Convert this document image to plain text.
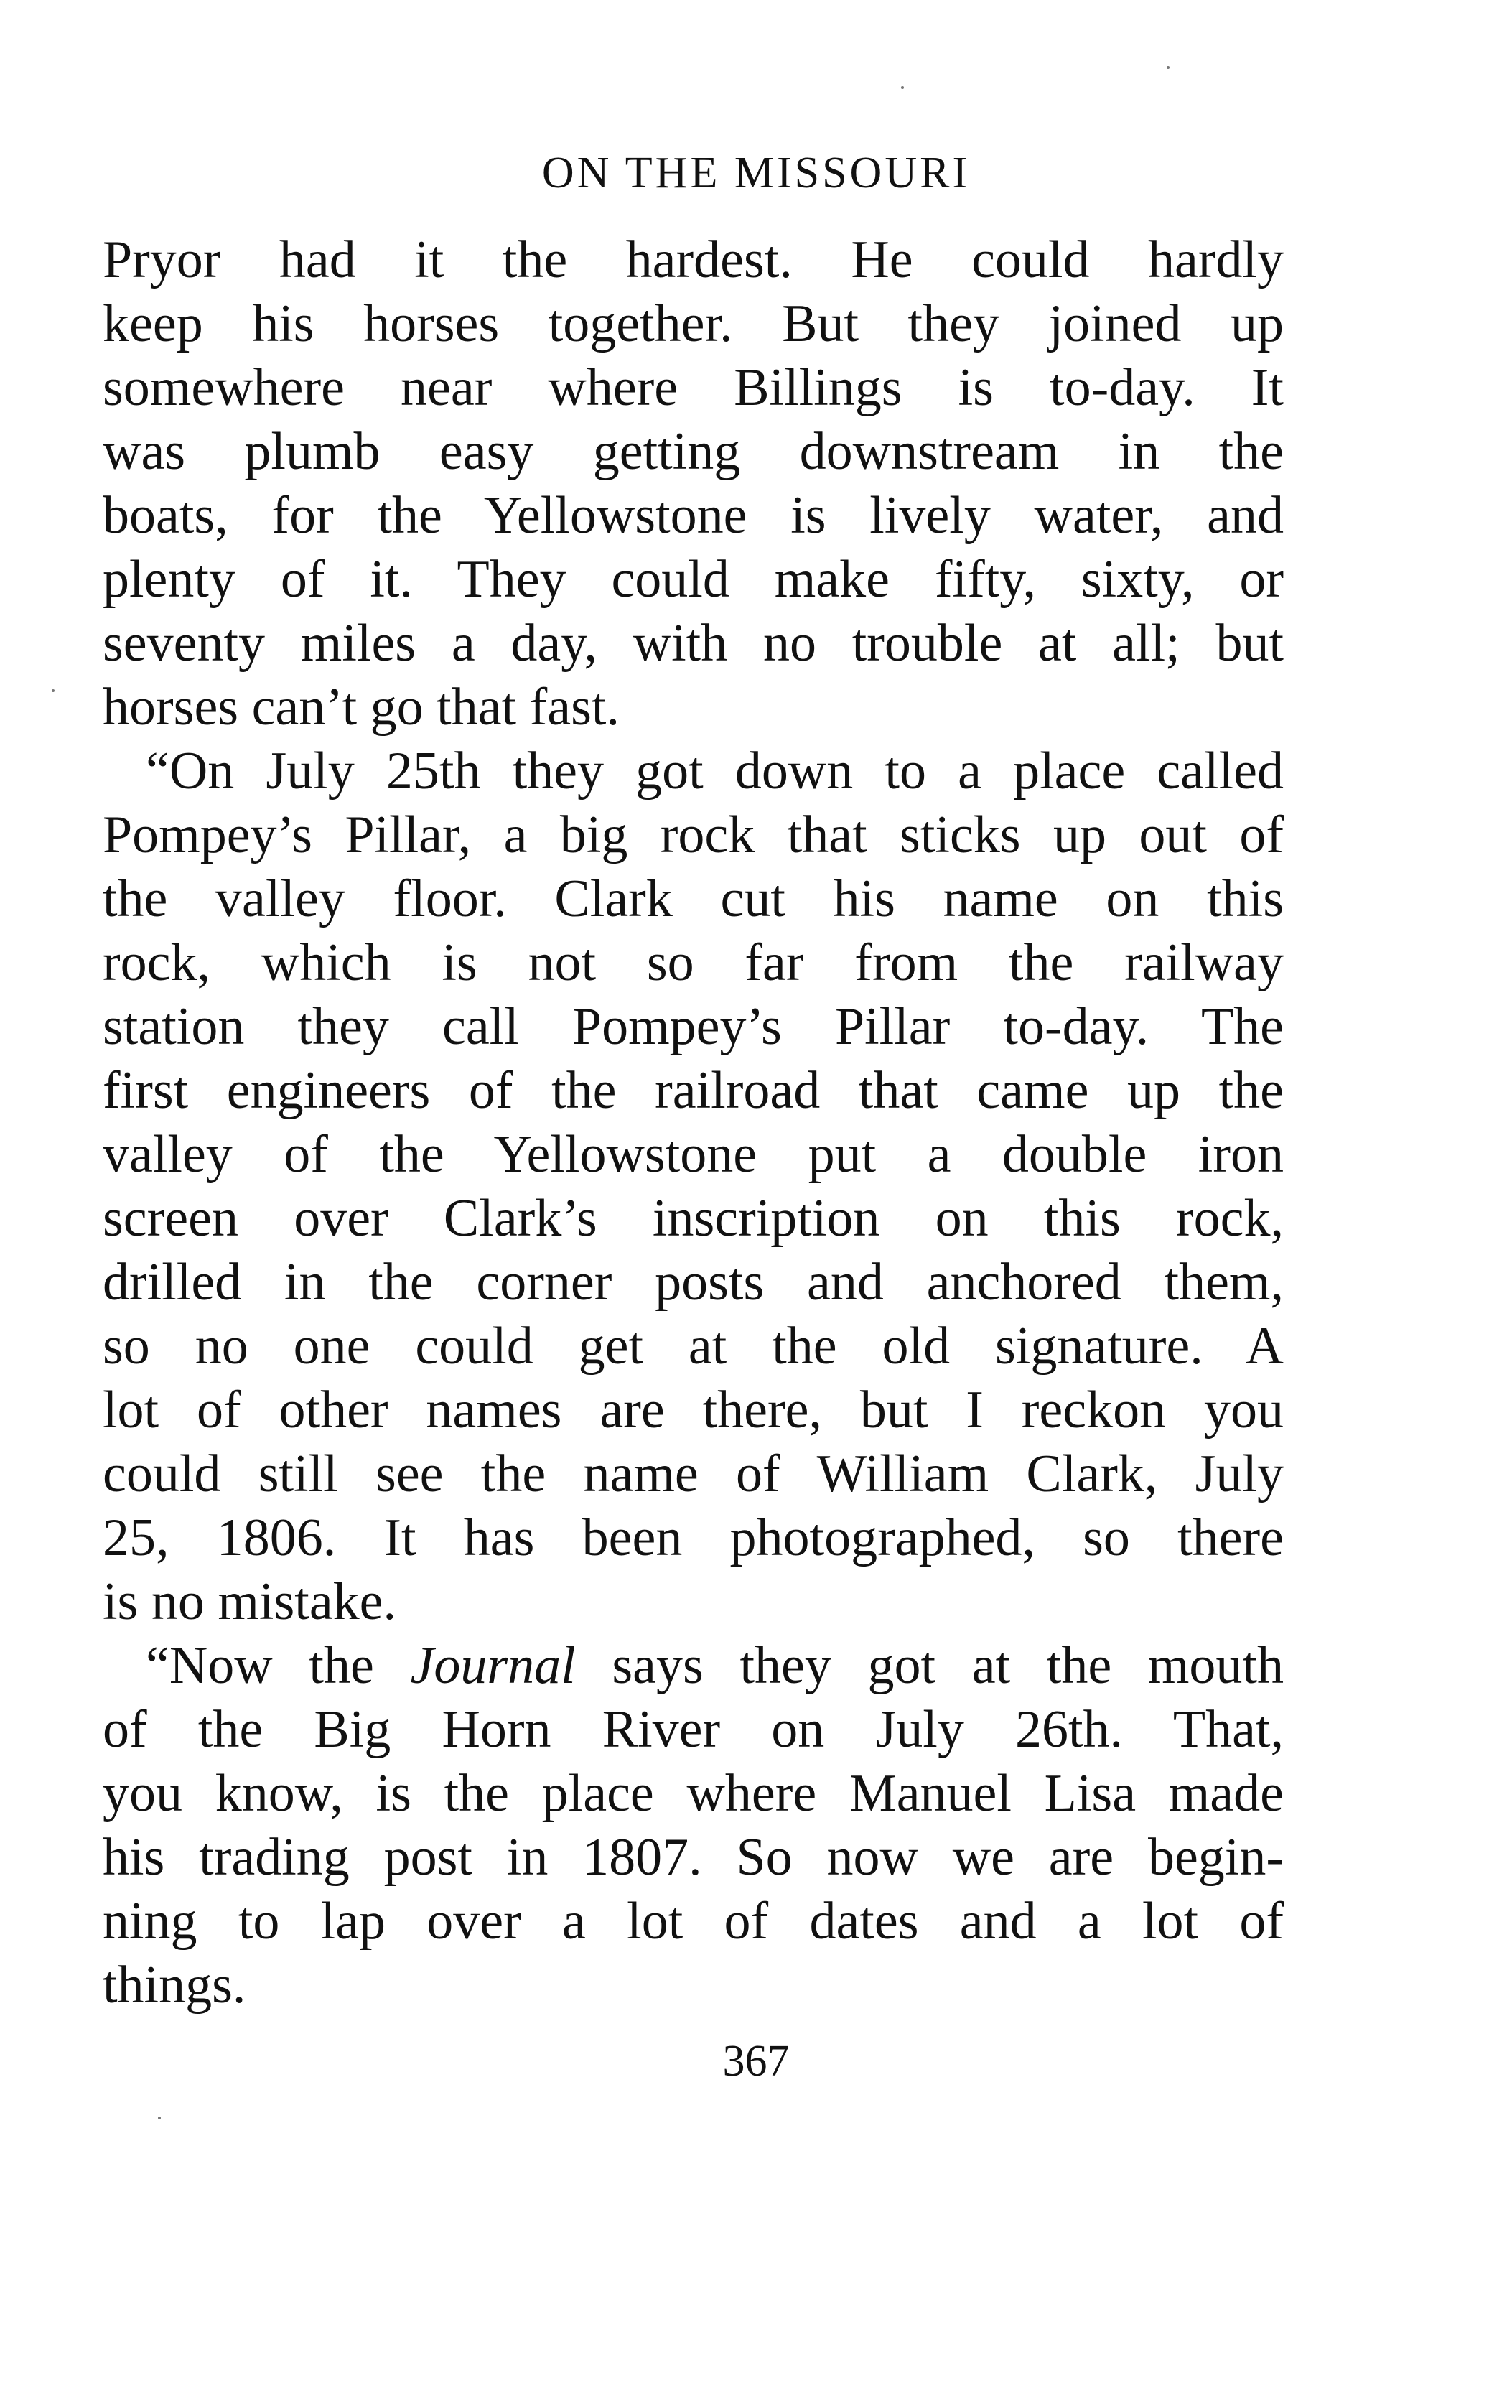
ON THE MISSOURI
Pryor had it the hardest. He could hardly
keep his horses together. But they joined up
somewhere near where Billings is to-day. It
was plumb easy getting downstream in the
boats, for the Yellowstone is lively water, and
plenty of it. They could make fifty, sixty, or
seventy miles a day, with no trouble at all; but
horses can’t go that fast.
“On July 25th they got down to a place called
Pompey’s Pillar, a big rock that sticks up out of
the valley floor. Clark cut his name on this
rock, which is not so far from the railway
station they call Pompey’s Pillar to-day. The
first engineers of the railroad that came up the
valley of the Yellowstone put a double iron
screen over Clark’s inscription on this rock,
drilled in the corner posts and anchored them,
so no one could get at the old signature. A
lot of other names are there, but I reckon you
could still see the name of William Clark, July
25, 1806. It has been photographed, so there
is no mistake.
“Now the Journal says they got at the mouth
of the Big Horn River on July 26th. That,
you know, is the place where Manuel Lisa made
his trading post in 1807. So now we are begin-
ning to lap over a lot of dates and a lot of
things.
367
